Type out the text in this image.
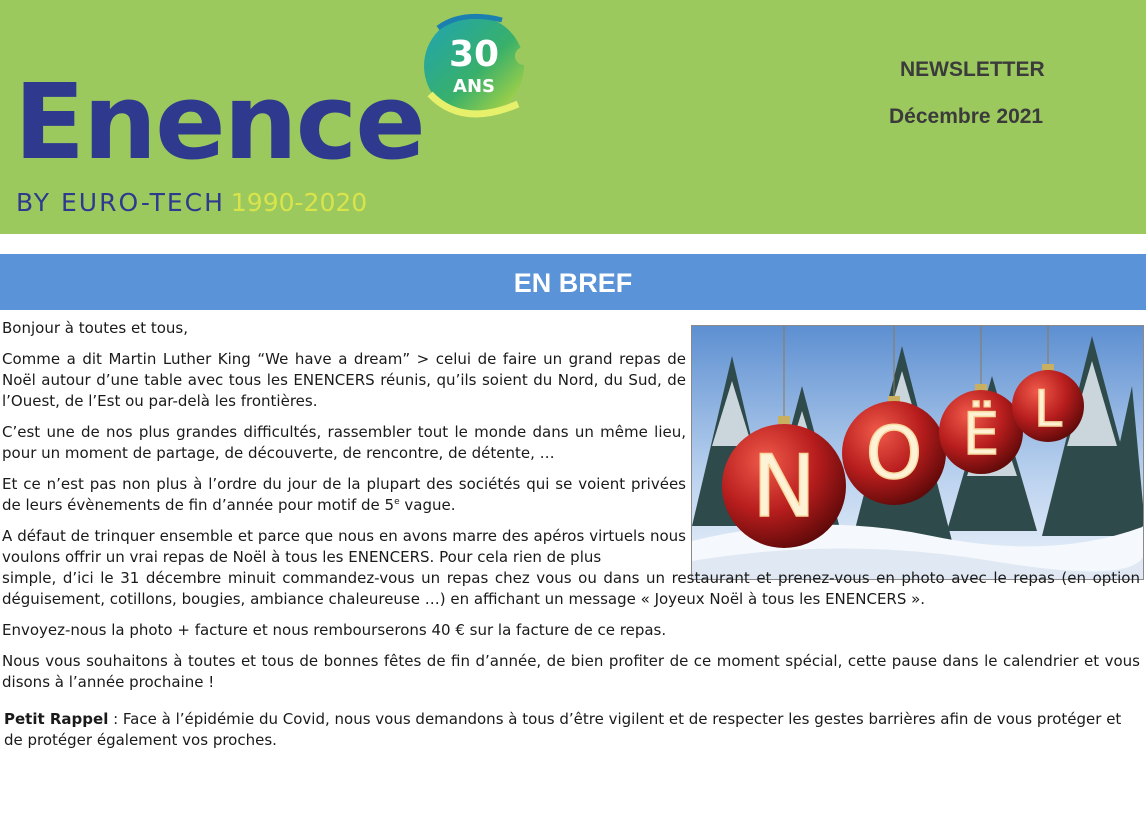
Enence
BY EURO-TECH 1990-2020
30
ANS
NEWSLETTER
Décembre 2021
EN BREF
N O Ë L

Bonjour à toutes et tous,

Comme a dit Martin Luther King “We have a dream” > celui de faire un grand repas de Noël autour d’une table avec tous les ENENCERS réunis, qu’ils soient du Nord, du Sud, de l’Ouest, de l’Est ou par-delà les frontières.

C’est une de nos plus grandes difficultés, rassembler tout le monde dans un même lieu, pour un moment de partage, de découverte, de rencontre, de détente, …

Et ce n’est pas non plus à l’ordre du jour de la plupart des sociétés qui se voient privées de leurs évènements de fin d’année pour motif de 5e vague.

A défaut de trinquer ensemble et parce que nous en avons marre des apéros virtuels nous voulons offrir un vrai repas de Noël à tous les ENENCERS. Pour cela rien de plus
simple, d’ici le 31 décembre minuit commandez-vous un repas chez vous ou dans un restaurant et prenez-vous en photo avec le repas (en option déguisement, cotillons, bougies, ambiance chaleureuse …) en affichant un message « Joyeux Noël à tous les ENENCERS ».

Envoyez-nous la photo + facture et nous rembourserons 40 € sur la facture de ce repas.

Nous vous souhaitons à toutes et tous de bonnes fêtes de fin d’année, de bien profiter de ce moment spécial, cette pause dans le calendrier et vous disons à l’année prochaine !

Petit Rappel : Face à l’épidémie du Covid, nous vous demandons à tous d’être vigilent et de respecter les gestes barrières afin de vous protéger et de protéger également vos proches.
